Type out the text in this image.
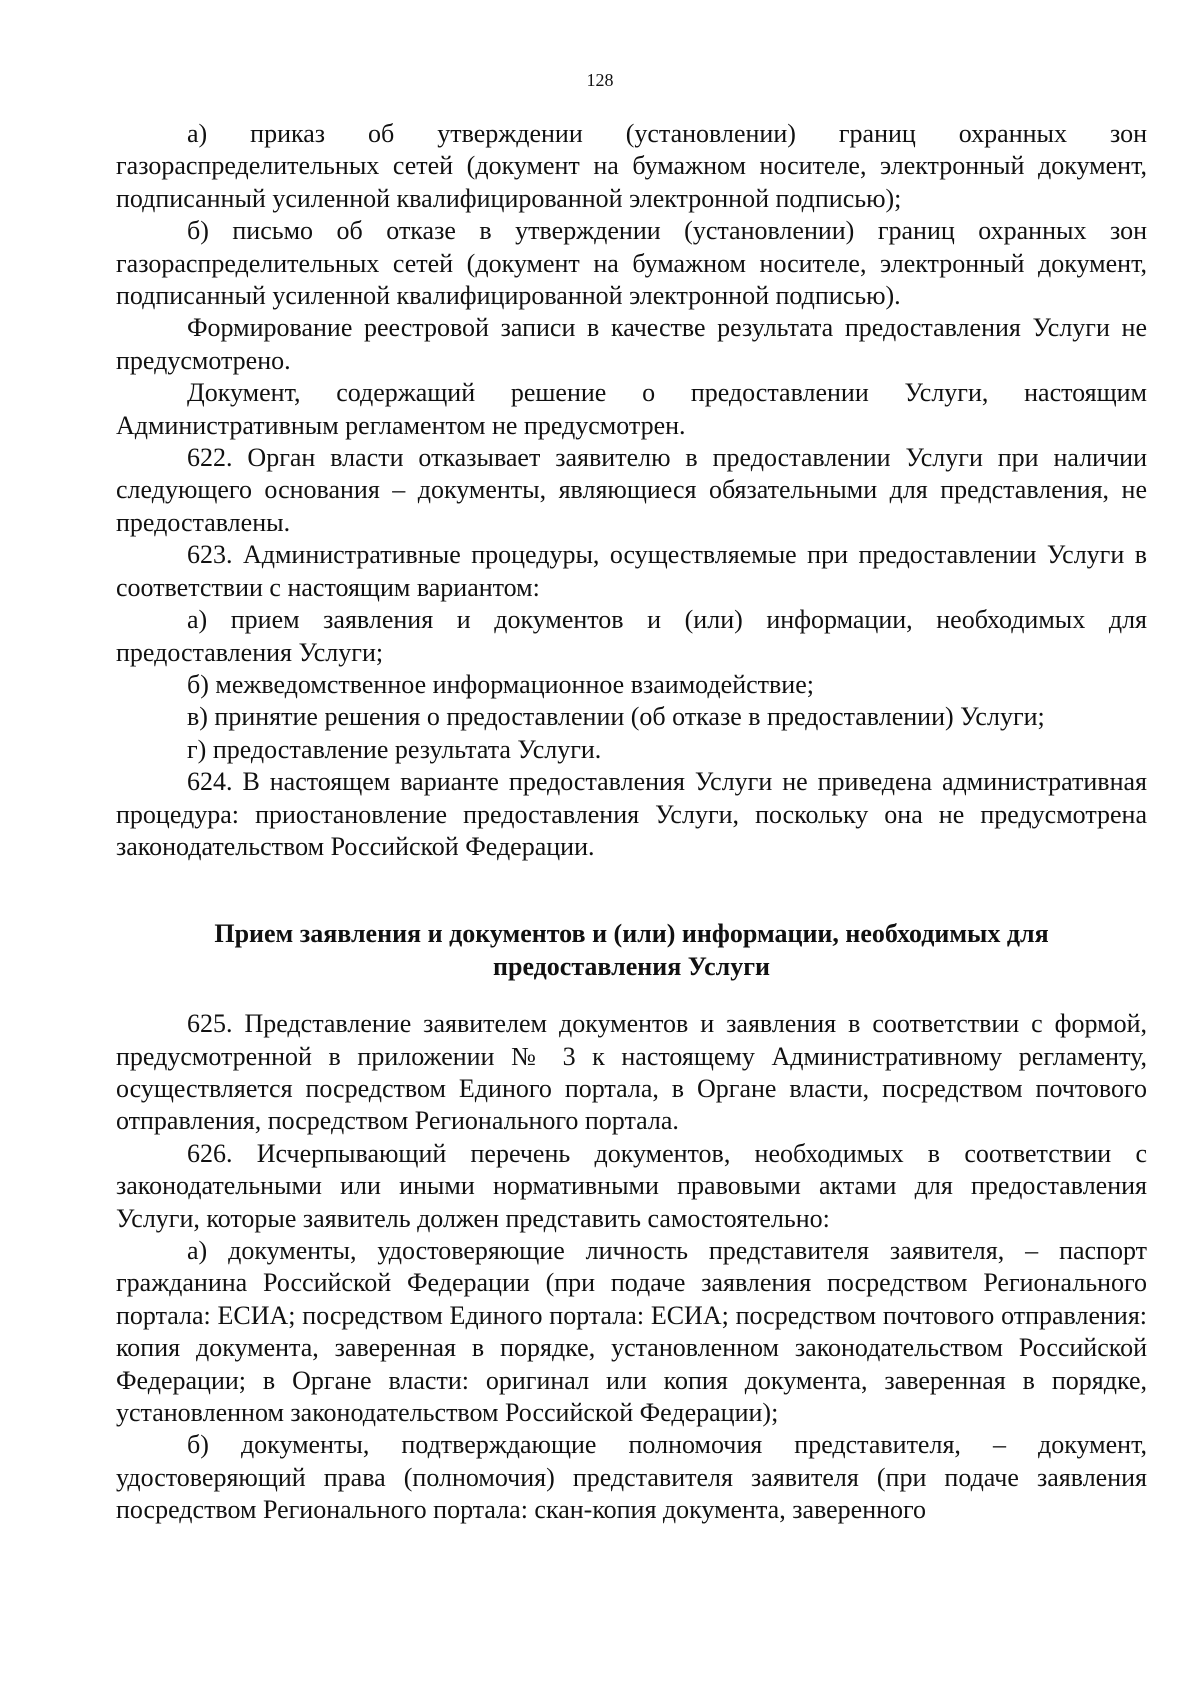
128

а) приказ об утверждении (установлении) границ охранных зон газораспределительных сетей (документ на бумажном носителе, электронный документ, подписанный усиленной квалифицированной электронной подписью);

б) письмо об отказе в утверждении (установлении) границ охранных зон газораспределительных сетей (документ на бумажном носителе, электронный документ, подписанный усиленной квалифицированной электронной подписью).

Формирование реестровой записи в качестве результата предоставления Услуги не предусмотрено.

Документ, содержащий решение о предоставлении Услуги, настоящим Административным регламентом не предусмотрен.

622. Орган власти отказывает заявителю в предоставлении Услуги при наличии следующего основания – документы, являющиеся обязательными для представления, не предоставлены.

623. Административные процедуры, осуществляемые при предоставлении Услуги в соответствии с настоящим вариантом:

а) прием заявления и документов и (или) информации, необходимых для предоставления Услуги;

б) межведомственное информационное взаимодействие;

в) принятие решения о предоставлении (об отказе в предоставлении) Услуги;

г) предоставление результата Услуги.

624. В настоящем варианте предоставления Услуги не приведена административная процедура: приостановление предоставления Услуги, поскольку она не предусмотрена законодательством Российской Федерации.

Прием заявления и документов и (или) информации, необходимых для предоставления Услуги

625. Представление заявителем документов и заявления в соответствии с формой, предусмотренной в приложении № 3 к настоящему Административному регламенту, осуществляется посредством Единого портала, в Органе власти, посредством почтового отправления, посредством Регионального портала.

626. Исчерпывающий перечень документов, необходимых в соответствии с законодательными или иными нормативными правовыми актами для предоставления Услуги, которые заявитель должен представить самостоятельно:

а) документы, удостоверяющие личность представителя заявителя, – паспорт гражданина Российской Федерации (при подаче заявления посредством Регионального портала: ЕСИА; посредством Единого портала: ЕСИА; посредством почтового отправления: копия документа, заверенная в порядке, установленном законодательством Российской Федерации; в Органе власти: оригинал или копия документа, заверенная в порядке, установленном законодательством Российской Федерации);

б) документы, подтверждающие полномочия представителя, – документ, удостоверяющий права (полномочия) представителя заявителя (при подаче заявления посредством Регионального портала: скан-копия документа, заверенного
